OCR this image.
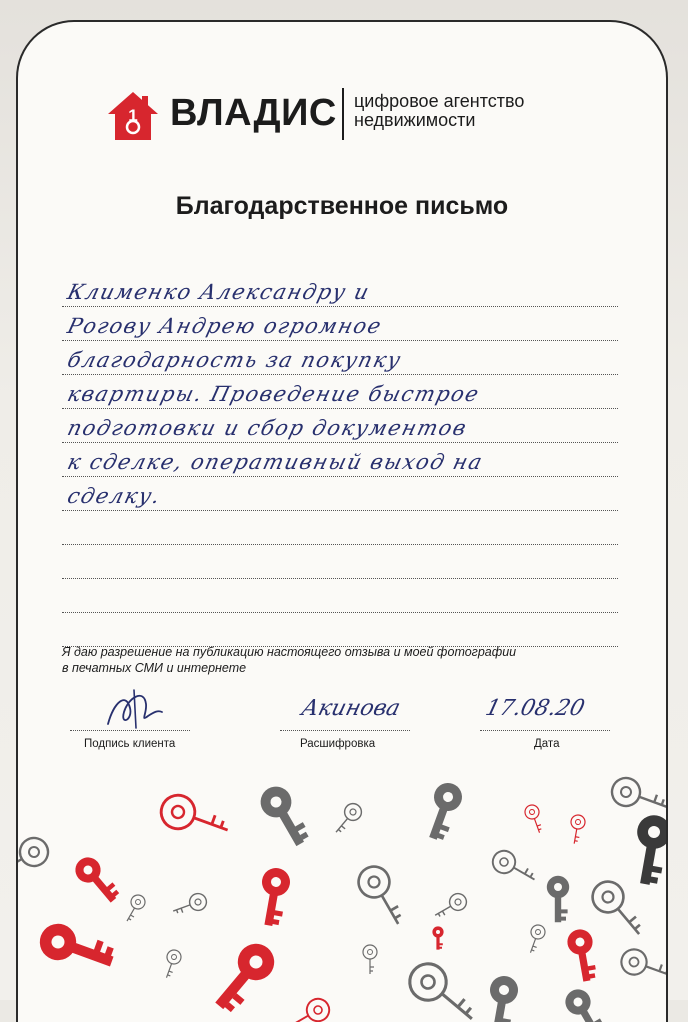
1 ВЛАДИС цифровое агентство
недвижимости
Благодарственное письмо
Клименко Александру и
Рогову Андрею огромное
благодарность за покупку
квартиры. Проведение быстрое
подготовки и сбор документов
к сделке, оперативный выход на
сделку.
Я даю разрешение на публикацию настоящего отзыва и моей фотографии
в печатных СМИ и интернете
Подпись клиента
Акинова
Расшифровка
17.08.20
Дата
